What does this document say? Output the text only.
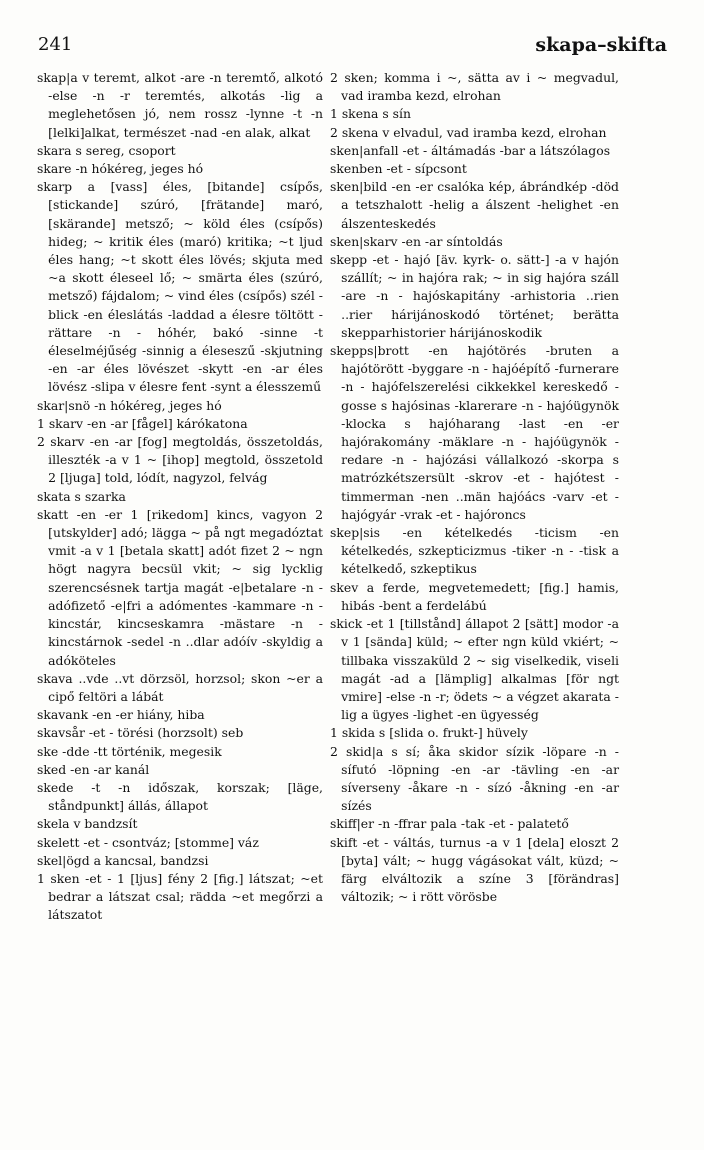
241	skapa–skifta

skap|a v teremt, alkot -are -n teremtő, alkotó -else -n -r teremtés, alkotás -lig a meglehetősen jó, nem rossz -lynne -t -n [lelki]alkat, természet -nad -en alak, alkat

skara s sereg, csoport

skare -n hókéreg, jeges hó

skarp a [vass] éles, [bitande] csípős, [stickande] szúró, [frätande] maró, [skärande] metsző; ~ köld éles (csípős) hideg; ~ kritik éles (maró) kritika; ~t ljud éles hang; ~t skott éles lövés; skjuta med ~a skott éleseel lő; ~ smärta éles (szúró, metsző) fájdalom; ~ vind éles (csípős) szél -blick -en éleslátás -laddad a élesre töltött -rättare -n - hóhér, bakó -sinne -t éleselméjűség -sinnig a éleseszű -skjutning -en -ar éles lövészet -skytt -en -ar éles lövész -slipa v élesre fent -synt a élesszemű

skar|snö -n hókéreg, jeges hó

1 skarv -en -ar [fågel] kárókatona

2 skarv -en -ar [fog] megtoldás, összetoldás, illeszték -a v 1 ~ [ihop] megtold, összetold 2 [ljuga] told, lódít, nagyzol, felvág

skata s szarka

skatt -en -er 1 [rikedom] kincs, vagyon 2 [utskylder] adó; lägga ~ på ngt megadóztat vmit -a v 1 [betala skatt] adót fizet 2 ~ ngn högt nagyra becsül vkit; ~ sig lycklig szerencsésnek tartja magát -e|betalare -n - adófizető -e|fri a adómentes -kammare -n - kincstár, kincseskamra -mästare -n - kincstárnok -sedel -n ..dlar adóív -skyldig a adóköteles

skava ..vde ..vt dörzsöl, horzsol; skon ~er a cipő feltöri a lábát

skavank -en -er hiány, hiba

skavsår -et - törési (horzsolt) seb

ske -dde -tt történik, megesik

sked -en -ar kanál

skede -t -n időszak, korszak; [läge, ståndpunkt] állás, állapot

skela v bandzsít

skelett -et - csontváz; [stomme] váz

skel|ögd a kancsal, bandzsi

1 sken -et - 1 [ljus] fény 2 [fig.] látszat; ~et bedrar a látszat csal; rädda ~et megőrzi a látszatot

2 sken; komma i ~, sätta av i ~ megvadul, vad iramba kezd, elrohan

1 skena s sín

2 skena v elvadul, vad iramba kezd, elrohan

sken|anfall -et - áltámadás -bar a látszólagos

skenben -et - sípcsont

sken|bild -en -er csalóka kép, ábrándkép -död a tetszhalott -helig a álszent -helighet -en álszenteskedés

sken|skarv -en -ar síntoldás

skepp -et - hajó [äv. kyrk- o. sätt-] -a v hajón szállít; ~ in hajóra rak; ~ in sig hajóra száll -are -n - hajóskapitány -arhistoria ..rien ..rier hárijánoskodó történet; berätta skepparhistorier hárijánoskodik

skepps|brott -en hajótörés -bruten a hajótörött -byggare -n - hajóépítő -furnerare -n - hajófelszerelési cikkekkel kereskedő -gosse s hajósinas -klarerare -n - hajóügynök -klocka s hajóharang -last -en -er hajórakomány -mäklare -n - hajóügynök -redare -n - hajózási vállalkozó -skorpa s matrózkétszersült -skrov -et - hajótest -timmerman -nen ..män hajóács -varv -et - hajógyár -vrak -et - hajóroncs

skep|sis -en kételkedés -ticism -en kételkedés, szkepticizmus -tiker -n - -tisk a kételkedő, szkeptikus

skev a ferde, megvetemedett; [fig.] hamis, hibás -bent a ferdelábú

skick -et 1 [tillstånd] állapot 2 [sätt] modor -a v 1 [sända] küld; ~ efter ngn küld vkiért; ~ tillbaka visszaküld 2 ~ sig viselkedik, viseli magát -ad a [lämplig] alkalmas [för ngt vmire] -else -n -r; ödets ~ a végzet akarata -lig a ügyes -lighet -en ügyesség

1 skida s [slida o. frukt-] hüvely

2 skid|a s sí; åka skidor sízik -löpare -n - sífutó -löpning -en -ar -tävling -en -ar síverseny -åkare -n - sízó -åkning -en -ar sízés

skiff|er -n -ffrar pala -tak -et - palatető

skift -et - váltás, turnus -a v 1 [dela] eloszt 2 [byta] vált; ~ hugg vágásokat vált, küzd; ~ färg elváltozik a színe 3 [förändras] változik; ~ i rött vörösbe
